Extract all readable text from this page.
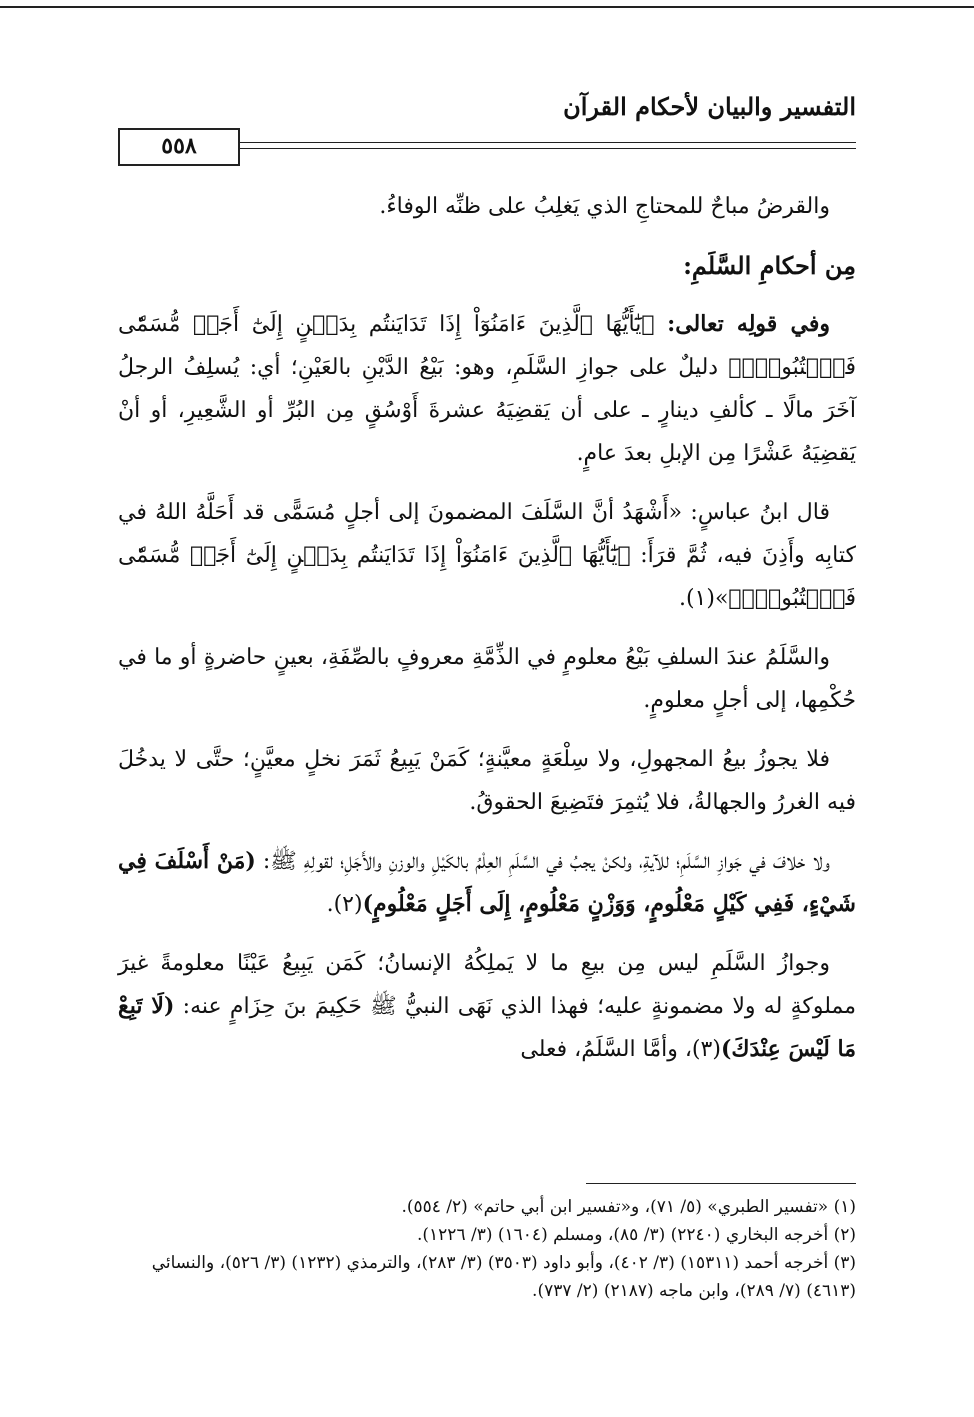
التفسير والبيان لأحكام القرآن
٥٥٨

والقرضُ مباحٌ للمحتاجِ الذي يَغلِبُ على ظنِّه الوفاءُ.

مِن أحكامِ السَّلَمِ:

وفي قولِه تعالى: ﴿يَٰٓأَيُّهَا ٱلَّذِينَ ءَامَنُوٓاْ إِذَا تَدَايَنتُم بِدَيۡنٍ إِلَىٰٓ أَجَلٖ مُّسَمّٗى فَٱكۡتُبُوهُۚ﴾ دليلٌ على جوازِ السَّلَمِ، وهو: بَيْعُ الدَّيْنِ بالعَيْنِ؛ أي: يُسلِفُ الرجلُ آخَرَ مالًا ـ كألفِ دينارٍ ـ على أن يَقضِيَهُ عشرةَ أَوْسُقٍ مِن البُرِّ أو الشَّعِيرِ، أو أنْ يَقضِيَهُ عَشْرًا مِن الإبلِ بعدَ عامٍ.

قال ابنُ عباسٍ: «أَشْهَدُ أنَّ السَّلَفَ المضمونَ إلى أجلٍ مُسَمًّى قد أَحَلَّهُ اللهُ في كتابِه وأَذِنَ فيه، ثُمَّ قرَأَ: ﴿يَٰٓأَيُّهَا ٱلَّذِينَ ءَامَنُوٓاْ إِذَا تَدَايَنتُم بِدَيۡنٍ إِلَىٰٓ أَجَلٖ مُّسَمّٗى فَٱكۡتُبُوهُۚ﴾»(١).

والسَّلَمُ عندَ السلفِ بَيْعُ معلومٍ في الذِّمَّةِ معروفٍ بالصِّفَةِ، بعينٍ حاضرةٍ أو ما في حُكْمِها، إلى أجلٍ معلومٍ.

فلا يجوزُ بيعُ المجهولِ، ولا سِلْعَةٍ معيَّنةٍ؛ كَمَنْ يَبِيعُ ثَمَرَ نخلٍ معيَّنٍ؛ حتَّى لا يدخُلَ فيه الغررُ والجهالةُ، فلا يُثمِرَ فتَضِيعَ الحقوقُ.

ولا خلافَ في جَوازِ السَّلَمِ؛ للآيةِ، ولكنْ يجبُ في السَّلَمِ العِلْمُ بالكَيْلِ والوزنِ والأَجَلِ؛ لقولِهِ ﷺ: (مَنْ أَسْلَفَ فِي شَيْءٍ، فَفِي كَيْلٍ مَعْلُومٍ، وَوَزْنٍ مَعْلُومٍ، إِلَى أَجَلٍ مَعْلُومٍ)(٢).

وجوازُ السَّلَمِ ليس مِن بيعِ ما لا يَملِكُهُ الإنسانُ؛ كَمَن يَبِيعُ عَيْنًا معلومةً غيرَ مملوكةٍ له ولا مضمونةٍ عليه؛ فهذا الذي نَهَى النبيُّ ﷺ حَكِيمَ بنَ حِزَامٍ عنه: (لَا تَبِعْ مَا لَيْسَ عِنْدَكَ)(٣)، وأمَّا السَّلَمُ، فعلى

(١) «تفسير الطبري» (٥/ ٧١)، و«تفسير ابن أبي حاتم» (٢/ ٥٥٤).
(٢) أخرجه البخاري (٢٢٤٠) (٣/ ٨٥)، ومسلم (١٦٠٤) (٣/ ١٢٢٦).
(٣) أخرجه أحمد (١٥٣١١) (٣/ ٤٠٢)، وأبو داود (٣٥٠٣) (٣/ ٢٨٣)، والترمذي (١٢٣٢) (٣/ ٥٢٦)، والنسائي (٤٦١٣) (٧/ ٢٨٩)، وابن ماجه (٢١٨٧) (٢/ ٧٣٧).
